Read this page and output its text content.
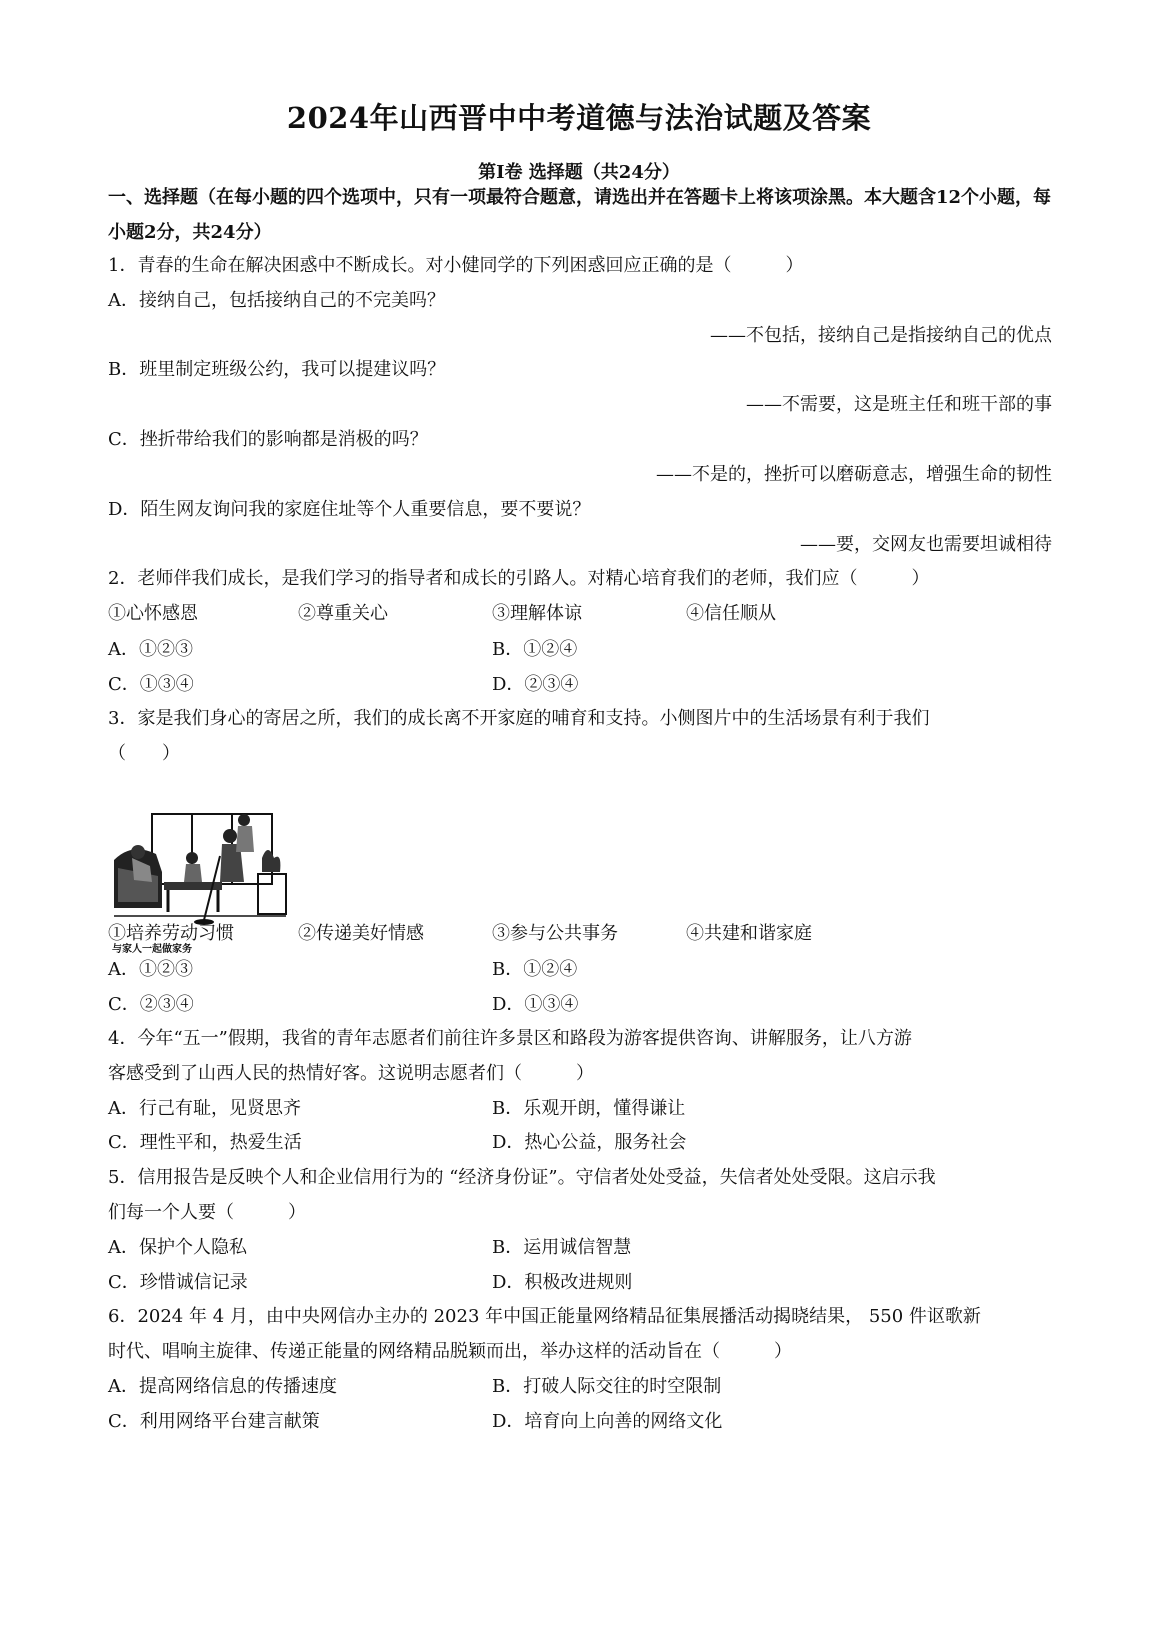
2024年山西晋中中考道德与法治试题及答案
第Ⅰ卷 选择题（共24分）
一、选择题（在每小题的四个选项中，只有一项最符合题意，请选出并在答题卡上将该项涂黑。本大题含12个小题，每小题2分，共24分）
1．青春的生命在解决困惑中不断成长。对小健同学的下列困惑回应正确的是（　　　）
A．接纳自己，包括接纳自己的不完美吗？
——不包括，接纳自己是指接纳自己的优点
B．班里制定班级公约，我可以提建议吗？
——不需要，这是班主任和班干部的事
C．挫折带给我们的影响都是消极的吗？
——不是的，挫折可以磨砺意志，增强生命的韧性
D．陌生网友询问我的家庭住址等个人重要信息，要不要说？
——要，交网友也需要坦诚相待
2．老师伴我们成长，是我们学习的指导者和成长的引路人。对精心培育我们的老师，我们应（　　　）
①心怀感恩	②尊重关心	③理解体谅	④信任顺从
A．①②③	B．①②④
C．①③④	D．②③④
3．家是我们身心的寄居之所，我们的成长离不开家庭的哺育和支持。小侧图片中的生活场景有利于我们
（　　）
与家人一起做家务
①培养劳动习惯	②传递美好情感	③参与公共事务	④共建和谐家庭
A．①②③	B．①②④
C．②③④	D．①③④
4．今年“五一”假期，我省的青年志愿者们前往许多景区和路段为游客提供咨询、讲解服务，让八方游
客感受到了山西人民的热情好客。这说明志愿者们（　　　）
A．行己有耻，见贤思齐	B．乐观开朗，懂得谦让
C．理性平和，热爱生活	D．热心公益，服务社会
5．信用报告是反映个人和企业信用行为的 “经济身份证”。守信者处处受益，失信者处处受限。这启示我
们每一个人要（　　　）
A．保护个人隐私	B．运用诚信智慧
C．珍惜诚信记录	D．积极改进规则
6．2024 年 4 月，由中央网信办主办的 2023 年中国正能量网络精品征集展播活动揭晓结果， 550 件讴歌新
时代、唱响主旋律、传递正能量的网络精品脱颖而出，举办这样的活动旨在（　　　）
A．提高网络信息的传播速度	B．打破人际交往的时空限制
C．利用网络平台建言献策	D．培育向上向善的网络文化
